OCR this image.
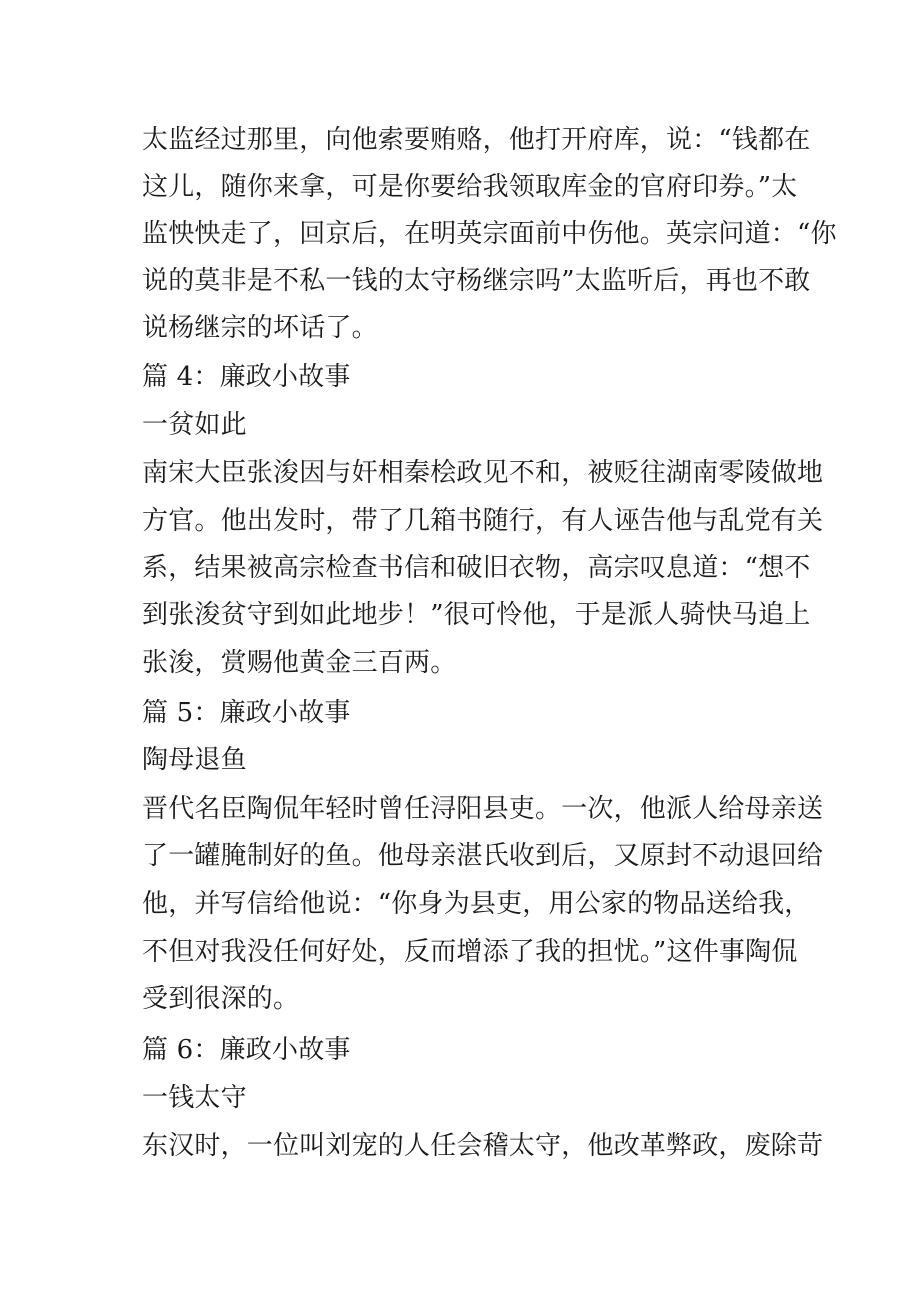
太监经过那里，向他索要贿赂，他打开府库，说：“钱都在
这儿，随你来拿，可是你要给我领取库金的官府印券。”太
监怏怏走了，回京后，在明英宗面前中伤他。英宗问道：“你
说的莫非是不私一钱的太守杨继宗吗”太监听后，再也不敢
说杨继宗的坏话了。
篇 4：廉政小故事
一贫如此
南宋大臣张浚因与奸相秦桧政见不和，被贬往湖南零陵做地
方官。他出发时，带了几箱书随行，有人诬告他与乱党有关
系，结果被高宗检查书信和破旧衣物，高宗叹息道：“想不
到张浚贫守到如此地步！”很可怜他，于是派人骑快马追上
张浚，赏赐他黄金三百两。
篇 5：廉政小故事
陶母退鱼
晋代名臣陶侃年轻时曾任浔阳县吏。一次，他派人给母亲送
了一罐腌制好的鱼。他母亲湛氏收到后，又原封不动退回给
他，并写信给他说：“你身为县吏，用公家的物品送给我，
不但对我没任何好处，反而增添了我的担忧。”这件事陶侃
受到很深的。
篇 6：廉政小故事
一钱太守
东汉时，一位叫刘宠的人任会稽太守，他改革弊政，废除苛
